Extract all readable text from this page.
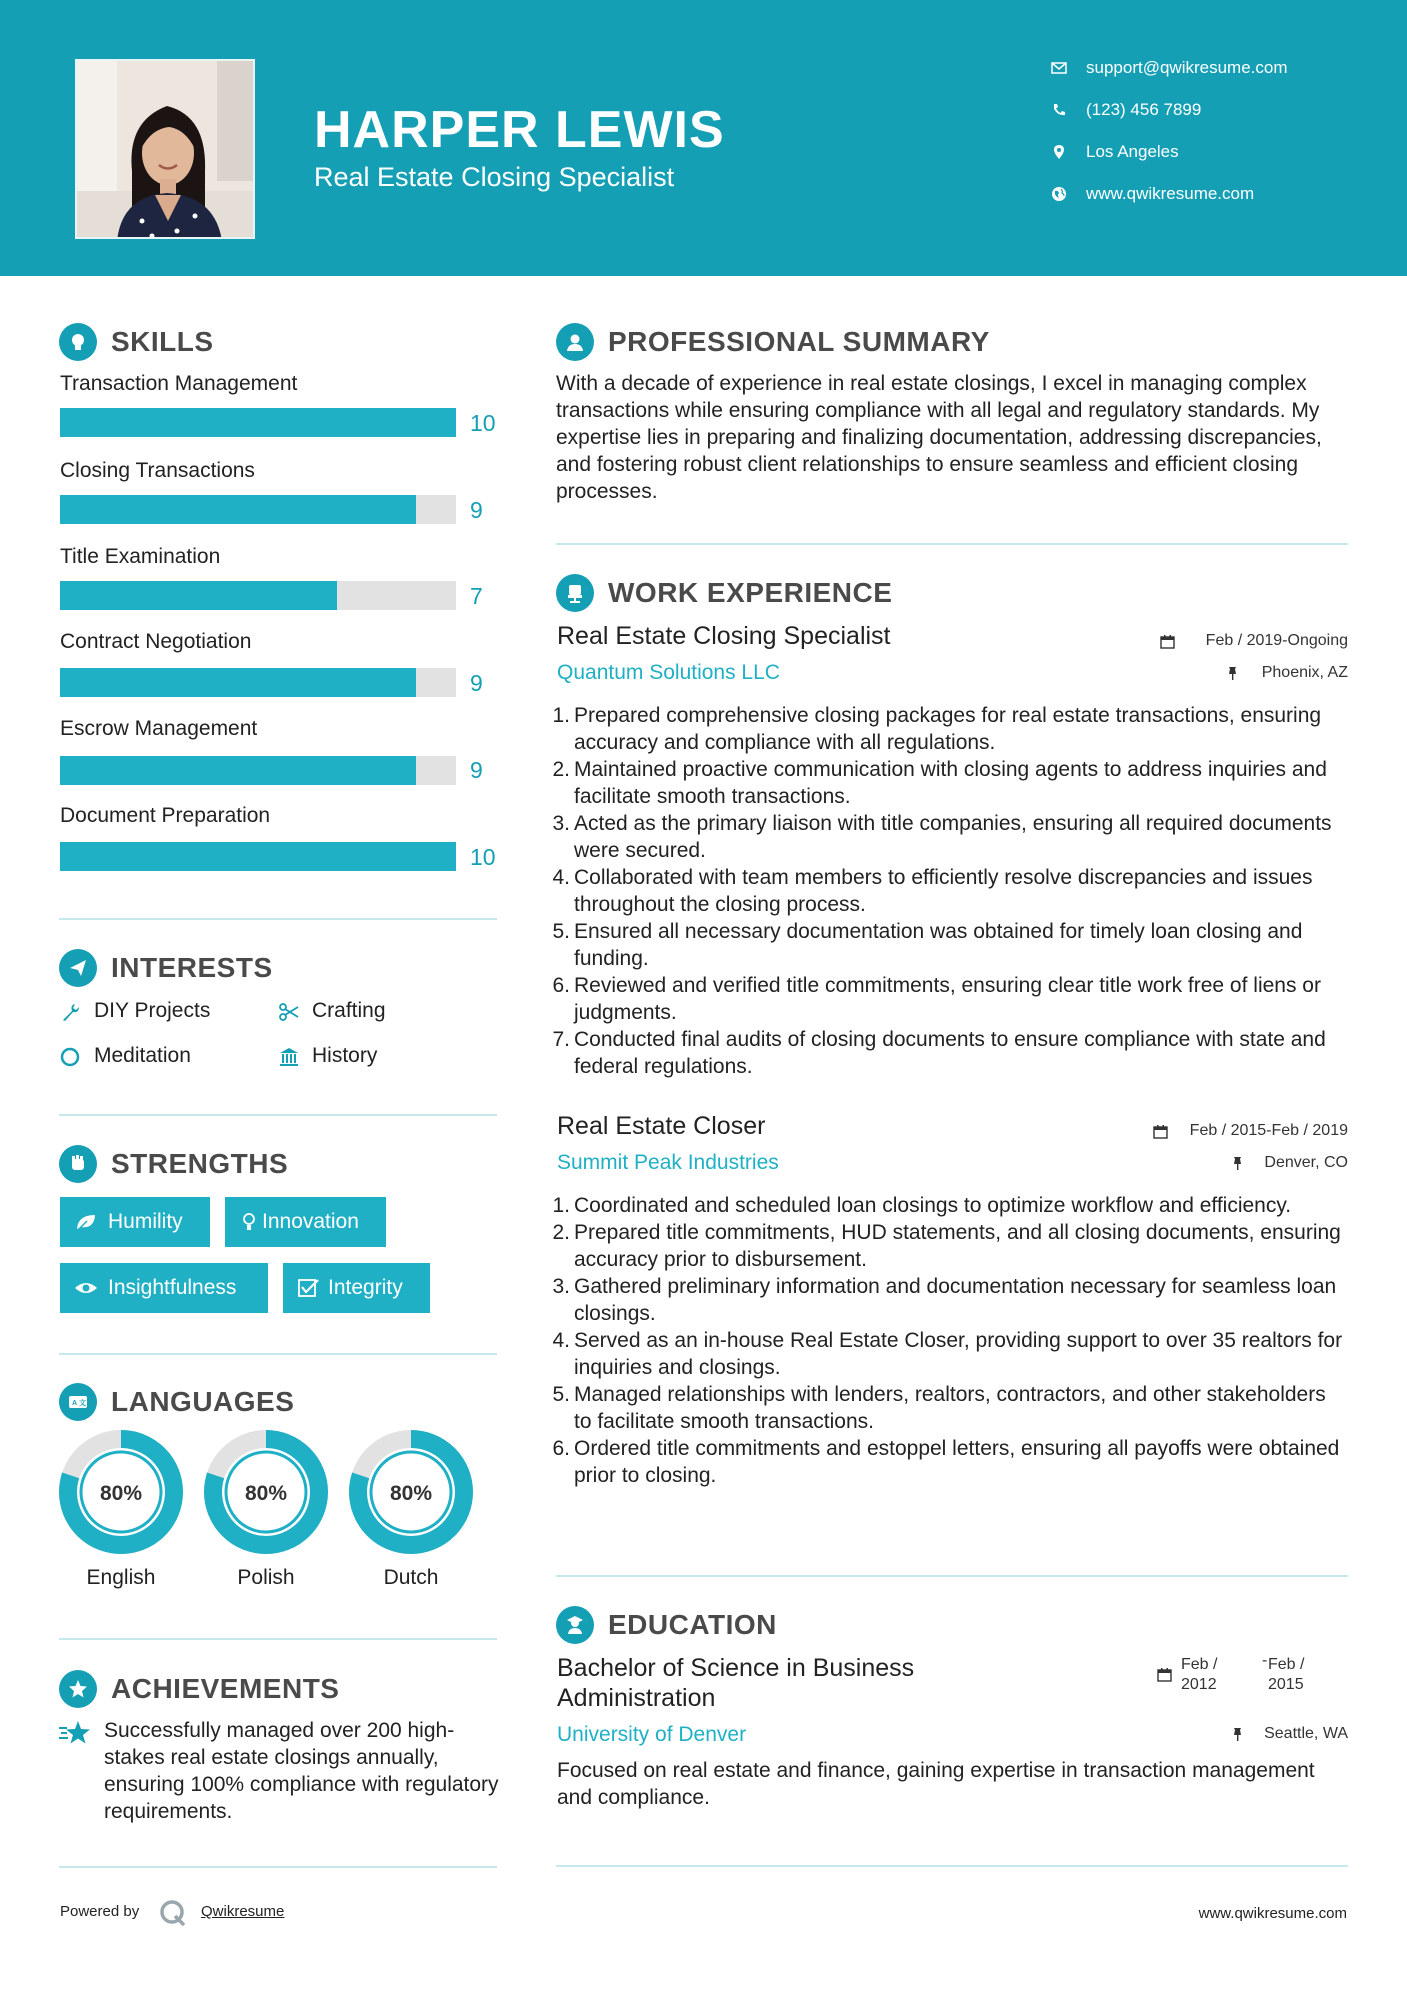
HARPER LEWIS
Real Estate Closing Specialist
support@qwikresume.com
(123) 456 7899
Los Angeles
www.qwikresume.com
SKILLS
Transaction Management
10
Closing Transactions
9
Title Examination
7
Contract Negotiation
9
Escrow Management
9
Document Preparation
10
INTERESTS
DIY Projects	Crafting
Meditation	History
STRENGTHS
Humility	Innovation
Insightfulness	Integrity
A 文 LANGUAGES
80%
English
80%
Polish
80%
Dutch
ACHIEVEMENTS
Successfully managed over 200 high-stakes real estate closings annually, ensuring 100% compliance with regulatory requirements.
PROFESSIONAL SUMMARY
With a decade of experience in real estate closings, I excel in managing complex transactions while ensuring compliance with all legal and regulatory standards. My expertise lies in preparing and finalizing documentation, addressing discrepancies, and fostering robust client relationships to ensure seamless and efficient closing processes.
WORK EXPERIENCE
Real Estate Closing Specialist
Quantum Solutions LLC
Feb / 2019-Ongoing
Phoenix, AZ
Prepared comprehensive closing packages for real estate transactions, ensuring accuracy and compliance with all regulations.
Maintained proactive communication with closing agents to address inquiries and facilitate smooth transactions.
Acted as the primary liaison with title companies, ensuring all required documents were secured.
Collaborated with team members to efficiently resolve discrepancies and issues throughout the closing process.
Ensured all necessary documentation was obtained for timely loan closing and funding.
Reviewed and verified title commitments, ensuring clear title work free of liens or judgments.
Conducted final audits of closing documents to ensure compliance with state and federal regulations.
Real Estate Closer
Summit Peak Industries
Feb / 2015-Feb / 2019
Denver, CO
Coordinated and scheduled loan closings to optimize workflow and efficiency.
Prepared title commitments, HUD statements, and all closing documents, ensuring accuracy prior to disbursement.
Gathered preliminary information and documentation necessary for seamless loan closings.
Served as an in-house Real Estate Closer, providing support to over 35 realtors for inquiries and closings.
Managed relationships with lenders, realtors, contractors, and other stakeholders to facilitate smooth transactions.
Ordered title commitments and estoppel letters, ensuring all payoffs were obtained prior to closing.
EDUCATION
Bachelor of Science in Business Administration
Feb / 2012
- Feb / 2015
University of Denver	Seattle, WA
Focused on real estate and finance, gaining expertise in transaction management and compliance.
Powered by	Qwikresume	www.qwikresume.com
